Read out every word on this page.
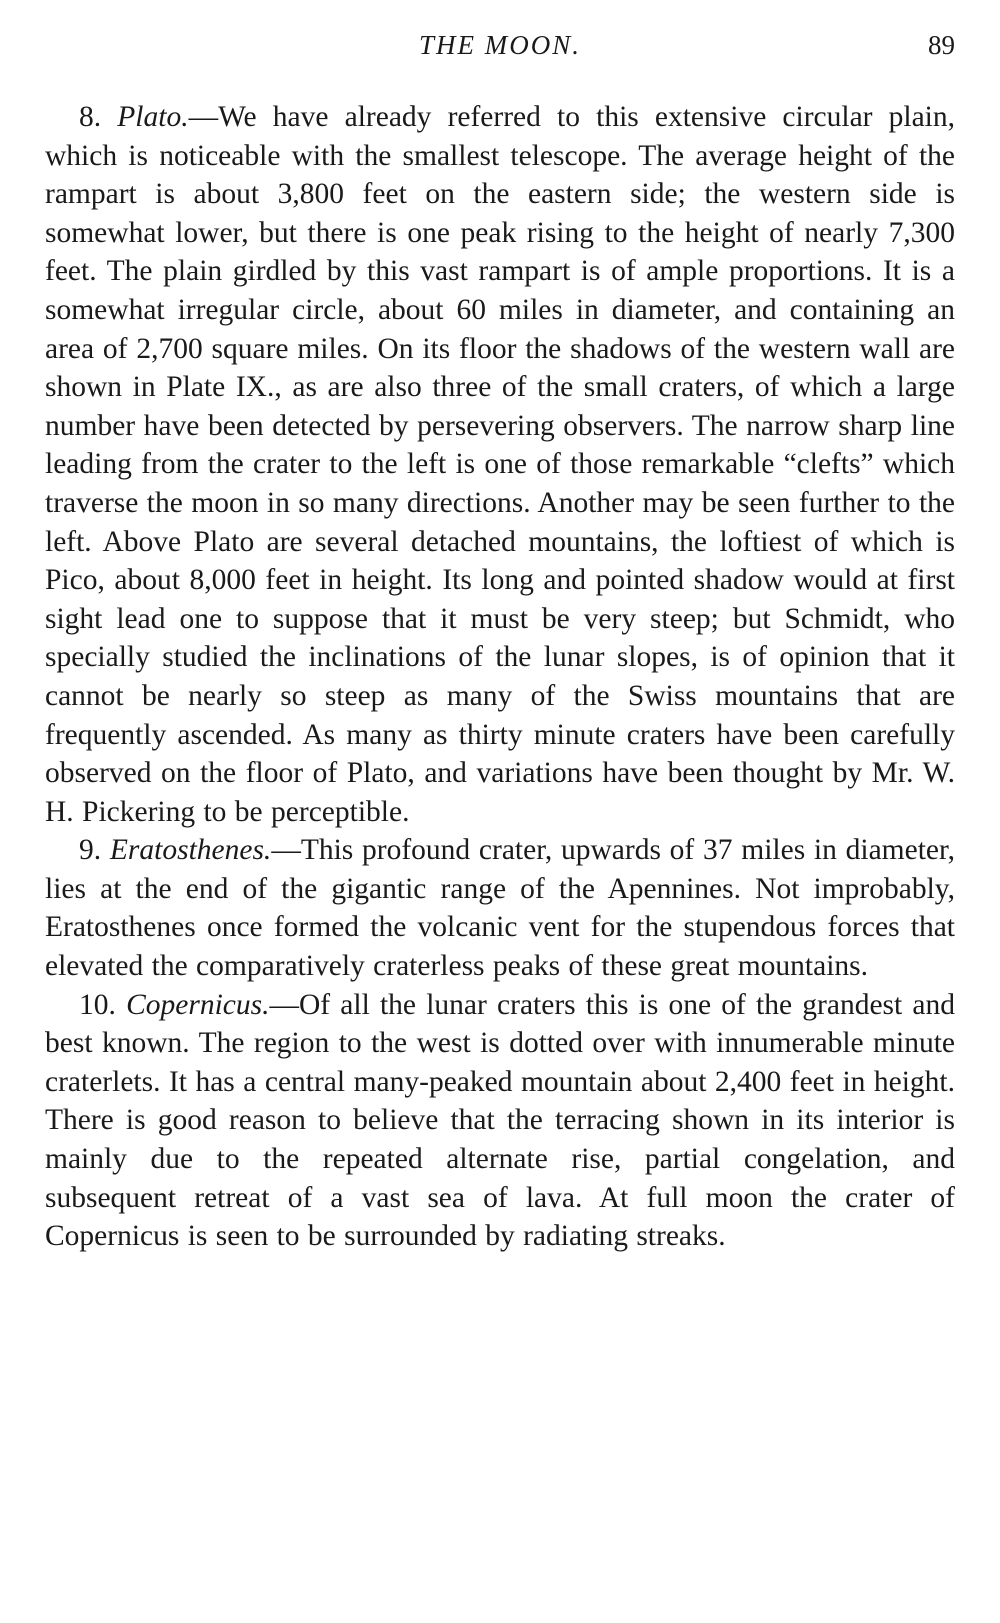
THE MOON.	89

8. Plato.—We have already referred to this extensive circular plain, which is noticeable with the smallest telescope. The average height of the rampart is about 3,800 feet on the eastern side; the western side is somewhat lower, but there is one peak rising to the height of nearly 7,300 feet. The plain girdled by this vast rampart is of ample proportions. It is a somewhat irregular circle, about 60 miles in diameter, and containing an area of 2,700 square miles. On its floor the shadows of the western wall are shown in Plate IX., as are also three of the small craters, of which a large number have been detected by persevering observers. The narrow sharp line leading from the crater to the left is one of those remarkable “clefts” which traverse the moon in so many directions. Another may be seen further to the left. Above Plato are several detached mountains, the loftiest of which is Pico, about 8,000 feet in height. Its long and pointed shadow would at first sight lead one to suppose that it must be very steep; but Schmidt, who specially studied the inclinations of the lunar slopes, is of opinion that it cannot be nearly so steep as many of the Swiss mountains that are frequently ascended. As many as thirty minute craters have been carefully observed on the floor of Plato, and variations have been thought by Mr. W. H. Pickering to be perceptible.

9. Eratosthenes.—This profound crater, upwards of 37 miles in diameter, lies at the end of the gigantic range of the Apennines. Not improbably, Eratosthenes once formed the volcanic vent for the stupendous forces that elevated the comparatively craterless peaks of these great mountains.

10. Copernicus.—Of all the lunar craters this is one of the grandest and best known. The region to the west is dotted over with innumerable minute craterlets. It has a central many-peaked mountain about 2,400 feet in height. There is good reason to believe that the terracing shown in its interior is mainly due to the repeated alternate rise, partial congelation, and subsequent retreat of a vast sea of lava. At full moon the crater of Copernicus is seen to be surrounded by radiating streaks.
